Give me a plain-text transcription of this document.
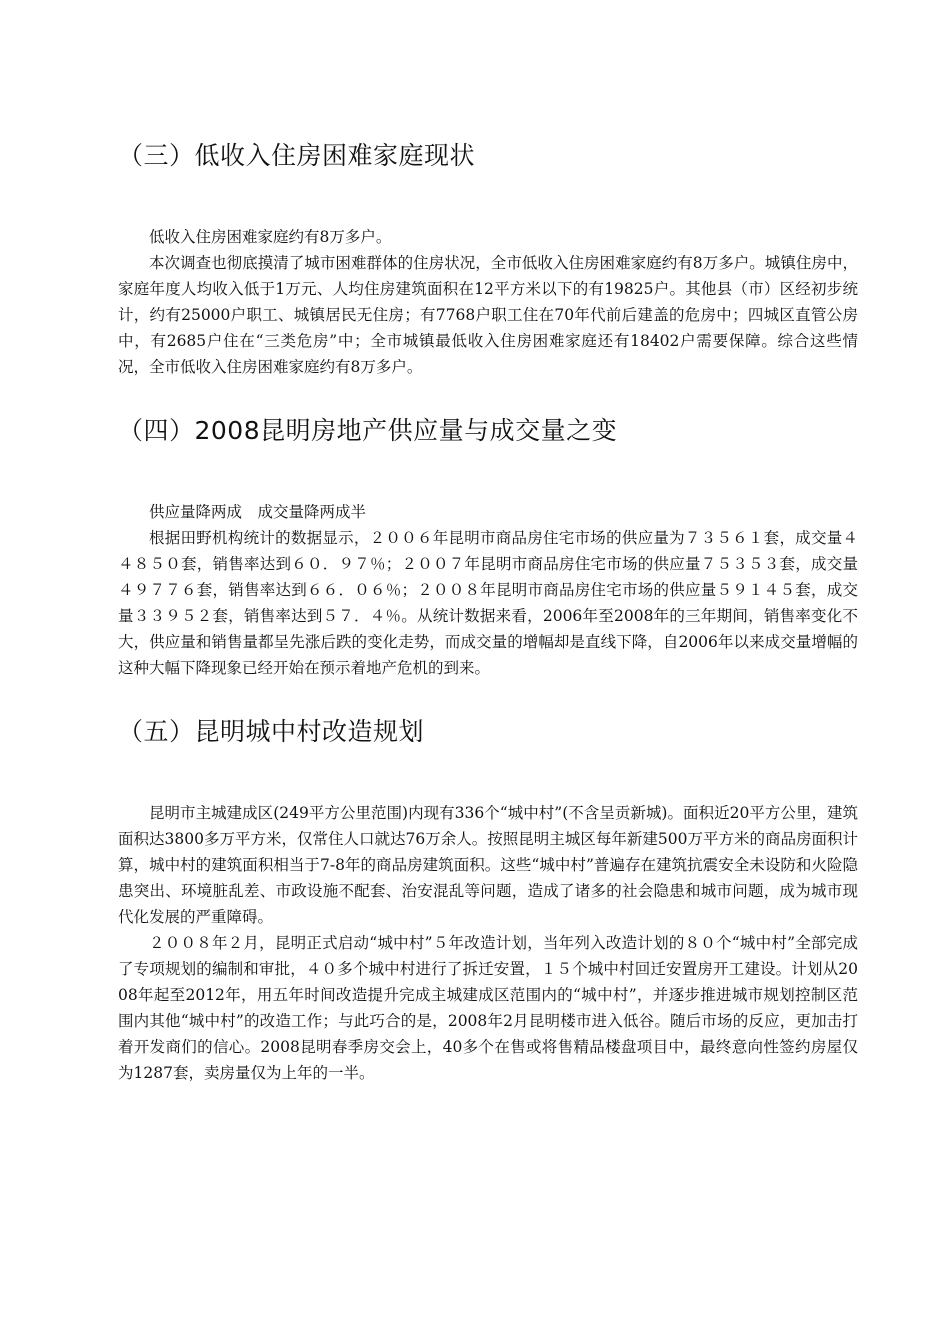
（三）低收入住房困难家庭现状

低收入住房困难家庭约有8万多户。

本次调查也彻底摸清了城市困难群体的住房状况，全市低收入住房困难家庭约有8万多户。城镇住房中，家庭年度人均收入低于1万元、人均住房建筑面积在12平方米以下的有19825户。其他县（市）区经初步统计，约有25000户职工、城镇居民无住房；有7768户职工住在70年代前后建盖的危房中；四城区直管公房中，有2685户住在“三类危房”中；全市城镇最低收入住房困难家庭还有18402户需要保障。综合这些情况，全市低收入住房困难家庭约有8万多户。

（四）2008昆明房地产供应量与成交量之变

供应量降两成　成交量降两成半

根据田野机构统计的数据显示，２００６年昆明市商品房住宅市场的供应量为７３５６１套，成交量４４８５０套，销售率达到６０．９７％；２００７年昆明市商品房住宅市场的供应量７５３５３套，成交量４９７７６套，销售率达到６６．０６％；２００８年昆明市商品房住宅市场的供应量５９１４５套，成交量３３９５２套，销售率达到５７．４％。从统计数据来看，2006年至2008年的三年期间，销售率变化不大，供应量和销售量都呈先涨后跌的变化走势，而成交量的增幅却是直线下降，自2006年以来成交量增幅的这种大幅下降现象已经开始在预示着地产危机的到来。

（五）昆明城中村改造规划

昆明市主城建成区(249平方公里范围)内现有336个“城中村”(不含呈贡新城)。面积近20平方公里，建筑面积达3800多万平方米，仅常住人口就达76万余人。按照昆明主城区每年新建500万平方米的商品房面积计算，城中村的建筑面积相当于7-8年的商品房建筑面积。这些“城中村”普遍存在建筑抗震安全未设防和火险隐患突出、环境脏乱差、市政设施不配套、治安混乱等问题，造成了诸多的社会隐患和城市问题，成为城市现代化发展的严重障碍。

２００８年２月，昆明正式启动“城中村”５年改造计划，当年列入改造计划的８０个“城中村”全部完成了专项规划的编制和审批，４０多个城中村进行了拆迁安置，１５个城中村回迁安置房开工建设。计划从2008年起至2012年，用五年时间改造提升完成主城建成区范围内的“城中村”，并逐步推进城市规划控制区范围内其他“城中村”的改造工作；与此巧合的是，2008年2月昆明楼市进入低谷。随后市场的反应，更加击打着开发商们的信心。2008昆明春季房交会上，40多个在售或将售精品楼盘项目中，最终意向性签约房屋仅为1287套，卖房量仅为上年的一半。
